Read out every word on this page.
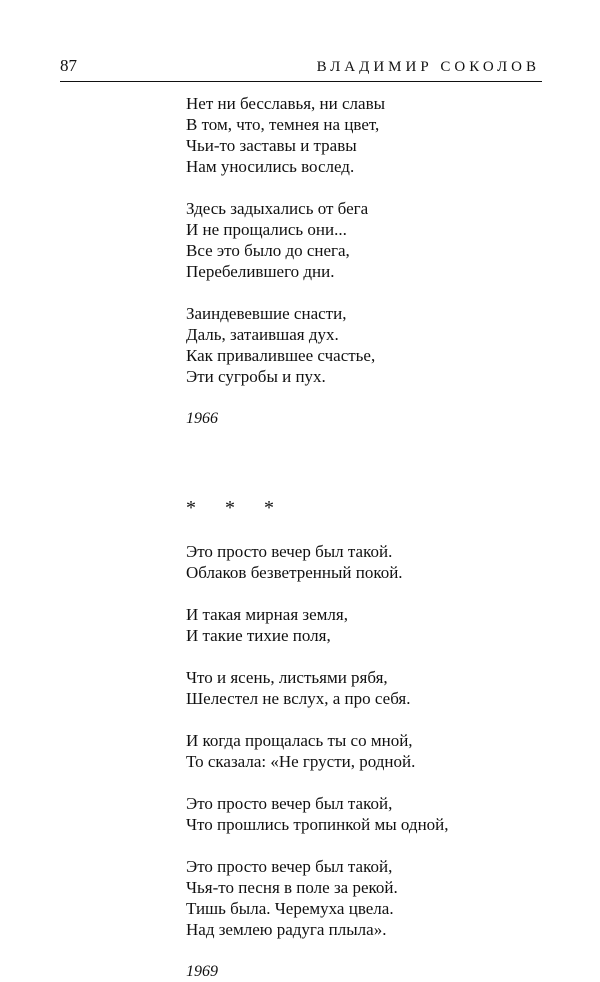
87	ВЛАДИМИР СОКОЛОВ
Нет ни бесславья, ни славы
В том, что, темнея на цвет,
Чьи-то заставы и травы
Нам уносились вослед.
Здесь задыхались от бега
И не прощались они...
Все это было до снега,
Перебелившего дни.
Заиндевевшие снасти,
Даль, затаившая дух.
Как привалившее счастье,
Эти сугробы и пух.
1966
* * *
Это просто вечер был такой.
Облаков безветренный покой.
И такая мирная земля,
И такие тихие поля,
Что и ясень, листьями рябя,
Шелестел не вслух, а про себя.
И когда прощалась ты со мной,
То сказала: «Не грусти, родной.
Это просто вечер был такой,
Что прошлись тропинкой мы одной,
Это просто вечер был такой,
Чья-то песня в поле за рекой.
Тишь была. Черемуха цвела.
Над землею радуга плыла».
1969
